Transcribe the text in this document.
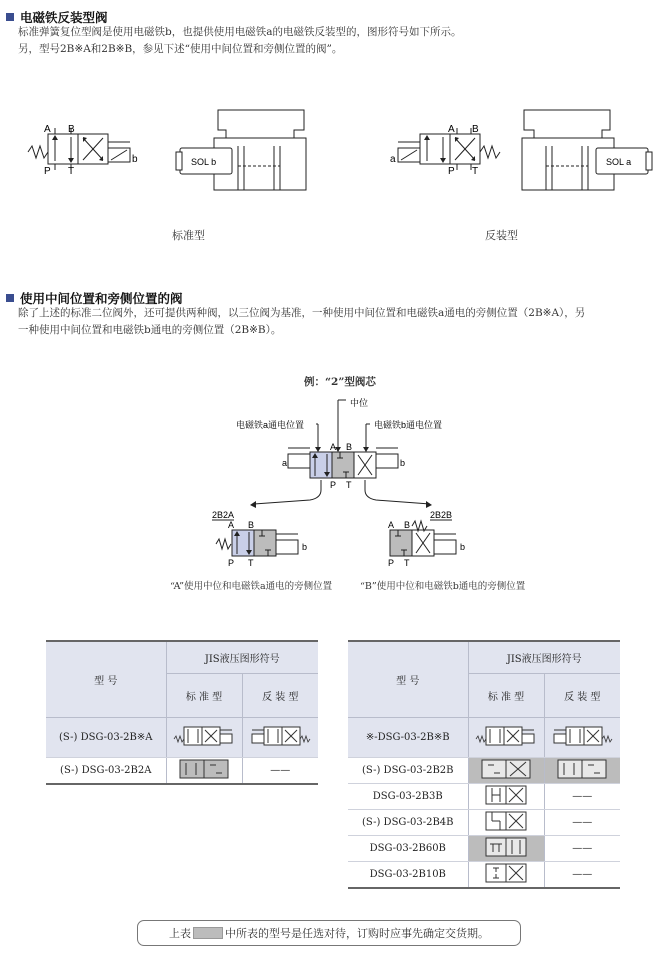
电磁铁反装型阀
标准弹簧复位型阀是使用电磁铁b，也提供使用电磁铁a的电磁铁反装型的，图形符号如下所示。
另，型号2B※A和2B※B，参见下述“使用中间位置和旁侧位置的阀”。
A B
P T
b	SOL b	a
A B
P T
SOL a
标准型	反装型
使用中间位置和旁侧位置的阀
除了上述的标准二位阀外，还可提供两种阀，以三位阀为基准，一种使用中间位置和电磁铁a通电的旁侧位置（2B※A），另
一种使用中间位置和电磁铁b通电的旁侧位置（2B※B）。
例：“2”型阀芯
中位
电磁铁a通电位置	电磁铁b通电位置
a	b
A B
P T
2B2A
b
A B
P T
2B2B
b
A B
P T
“A”使用中位和电磁铁a通电的旁侧位置	“B”使用中位和电磁铁b通电的旁侧位置
型 号	JIS液压图形符号	
	标 准 型	反 装 型
(S-) DSG-03-2B※A		
(S-) DSG-03-2B2A		——
型 号	JIS液压图形符号	
	标 准 型	反 装 型
※-DSG-03-2B※B		
(S-) DSG-03-2B2B		
DSG-03-2B3B		——
(S-) DSG-03-2B4B		——
DSG-03-2B60B		——
DSG-03-2B10B		——
上表	中所表的型号是任选对待，订购时应事先确定交货期。
